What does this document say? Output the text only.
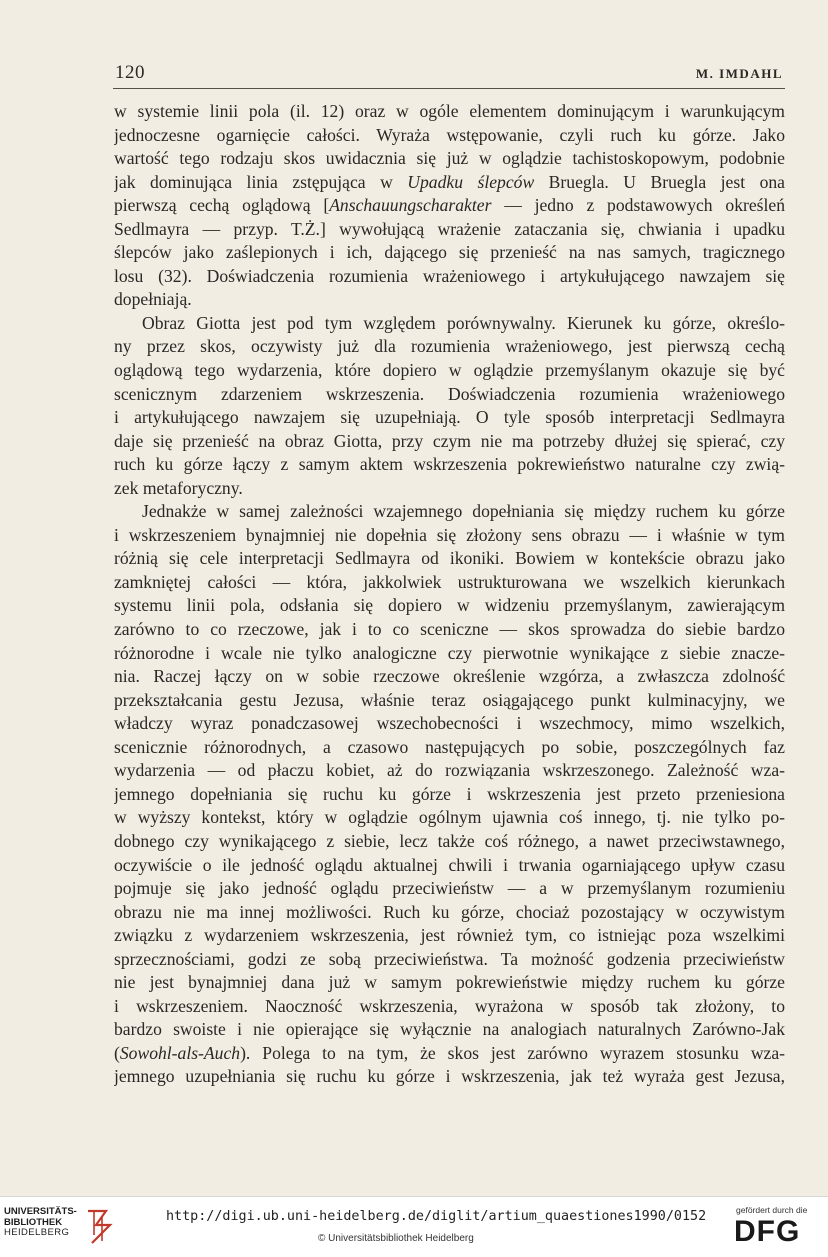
120	M. IMDAHL
w systemie linii pola (il. 12) oraz w ogóle elementem dominującym i warunkującym
jednoczesne ogarnięcie całości. Wyraża wstępowanie, czyli ruch ku górze. Jako
wartość tego rodzaju skos uwidacznia się już w oglądzie tachistoskopowym, podobnie
jak dominująca linia zstępująca w Upadku ślepców Bruegla. U Bruegla jest ona
pierwszą cechą oglądową [Anschauungscharakter — jedno z podstawowych określeń
Sedlmayra — przyp. T.Ż.] wywołującą wrażenie zataczania się, chwiania i upadku
ślepców jako zaślepionych i ich, dającego się przenieść na nas samych, tragicznego
losu (32). Doświadczenia rozumienia wrażeniowego i artykułującego nawzajem się
dopełniają.
Obraz Giotta jest pod tym względem porównywalny. Kierunek ku górze, określo-
ny przez skos, oczywisty już dla rozumienia wrażeniowego, jest pierwszą cechą
oglądową tego wydarzenia, które dopiero w oglądzie przemyślanym okazuje się być
scenicznym zdarzeniem wskrzeszenia. Doświadczenia rozumienia wrażeniowego
i artykułującego nawzajem się uzupełniają. O tyle sposób interpretacji Sedlmayra
daje się przenieść na obraz Giotta, przy czym nie ma potrzeby dłużej się spierać, czy
ruch ku górze łączy z samym aktem wskrzeszenia pokrewieństwo naturalne czy zwią-
zek metaforyczny.
Jednakże w samej zależności wzajemnego dopełniania się między ruchem ku górze
i wskrzeszeniem bynajmniej nie dopełnia się złożony sens obrazu — i właśnie w tym
różnią się cele interpretacji Sedlmayra od ikoniki. Bowiem w kontekście obrazu jako
zamkniętej całości — która, jakkolwiek ustrukturowana we wszelkich kierunkach
systemu linii pola, odsłania się dopiero w widzeniu przemyślanym, zawierającym
zarówno to co rzeczowe, jak i to co sceniczne — skos sprowadza do siebie bardzo
różnorodne i wcale nie tylko analogiczne czy pierwotnie wynikające z siebie znacze-
nia. Raczej łączy on w sobie rzeczowe określenie wzgórza, a zwłaszcza zdolność
przekształcania gestu Jezusa, właśnie teraz osiągającego punkt kulminacyjny, we
władczy wyraz ponadczasowej wszechobecności i wszechmocy, mimo wszelkich,
scenicznie różnorodnych, a czasowo następujących po sobie, poszczególnych faz
wydarzenia — od płaczu kobiet, aż do rozwiązania wskrzeszonego. Zależność wza-
jemnego dopełniania się ruchu ku górze i wskrzeszenia jest przeto przeniesiona
w wyższy kontekst, który w oglądzie ogólnym ujawnia coś innego, tj. nie tylko po-
dobnego czy wynikającego z siebie, lecz także coś różnego, a nawet przeciwstawnego,
oczywiście o ile jedność oglądu aktualnej chwili i trwania ogarniającego upływ czasu
pojmuje się jako jedność oglądu przeciwieństw — a w przemyślanym rozumieniu
obrazu nie ma innej możliwości. Ruch ku górze, chociaż pozostający w oczywistym
związku z wydarzeniem wskrzeszenia, jest również tym, co istniejąc poza wszelkimi
sprzecznościami, godzi ze sobą przeciwieństwa. Ta możność godzenia przeciwieństw
nie jest bynajmniej dana już w samym pokrewieństwie między ruchem ku górze
i wskrzeszeniem. Naoczność wskrzeszenia, wyrażona w sposób tak złożony, to
bardzo swoiste i nie opierające się wyłącznie na analogiach naturalnych Zarówno-Jak
(Sowohl-als-Auch). Polega to na tym, że skos jest zarówno wyrazem stosunku wza-
jemnego uzupełniania się ruchu ku górze i wskrzeszenia, jak też wyraża gest Jezusa,
UNIVERSITÄTS-
BIBLIOTHEK
HEIDELBERG
http://digi.ub.uni-heidelberg.de/diglit/artium_quaestiones1990/0152
© Universitätsbibliothek Heidelberg
gefördert durch die
DFG
